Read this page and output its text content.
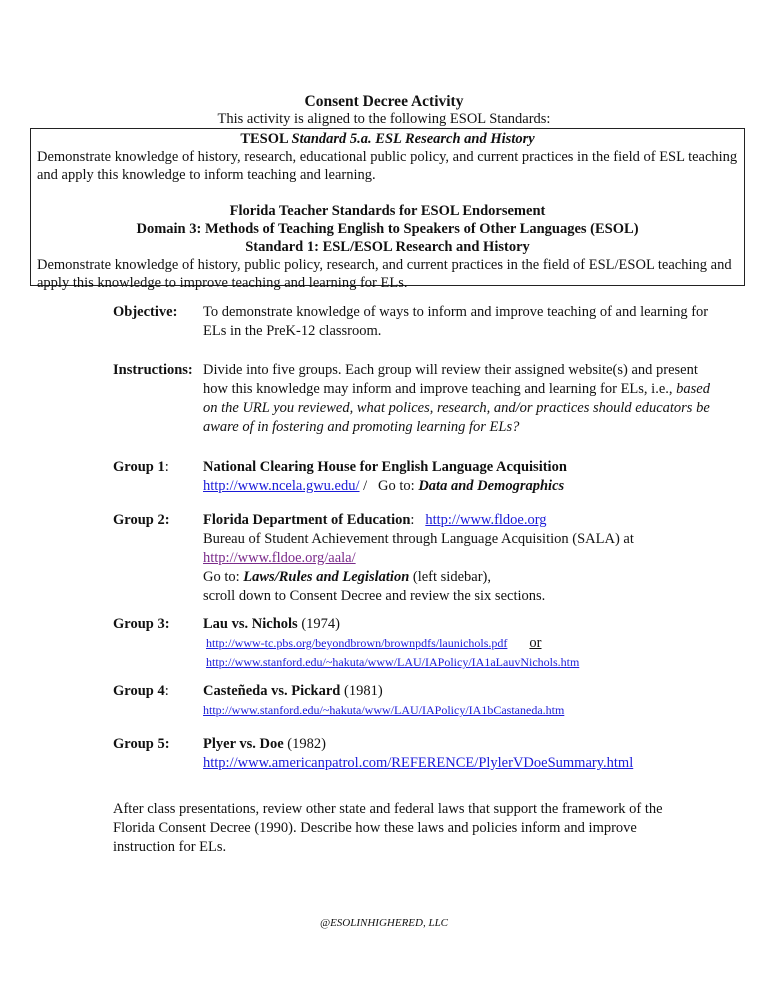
Consent Decree Activity
This activity is aligned to the following ESOL Standards:
TESOL Standard 5.a. ESL Research and History
Demonstrate knowledge of history, research, educational public policy, and current practices in the field of ESL teaching and apply this knowledge to inform teaching and learning.
Florida Teacher Standards for ESOL Endorsement
Domain 3: Methods of Teaching English to Speakers of Other Languages (ESOL)
Standard 1: ESL/ESOL Research and History
Demonstrate knowledge of history, public policy, research, and current practices in the field of ESL/ESOL teaching and apply this knowledge to improve teaching and learning for ELs.
Objective:	To demonstrate knowledge of ways to inform and improve teaching of and learning for ELs in the PreK-12 classroom.
Instructions: Divide into five groups. Each group will review their assigned website(s) and present how this knowledge may inform and improve teaching and learning for ELs, i.e., based on the URL you reviewed, what polices, research, and/or practices should educators be aware of in fostering and promoting learning for ELs?
Group 1:	National Clearing House for English Language Acquisition
http://www.ncela.gwu.edu/ /   Go to: Data and Demographics
Group 2:	Florida Department of Education:   http://www.fldoe.org
Bureau of Student Achievement through Language Acquisition (SALA) at
http://www.fldoe.org/aala/
Go to: Laws/Rules and Legislation (left sidebar),
scroll down to Consent Decree and review the six sections.
Group 3:	Lau vs. Nichols (1974)
http://www-tc.pbs.org/beyondbrown/brownpdfs/launichols.pdf or
http://www.stanford.edu/~hakuta/www/LAU/IAPolicy/IA1aLauvNichols.htm
Group 4:	Casteñeda vs. Pickard (1981)
http://www.stanford.edu/~hakuta/www/LAU/IAPolicy/IA1bCastaneda.htm
Group 5:	Plyer vs. Doe (1982)
http://www.americanpatrol.com/REFERENCE/PlylerVDoeSummary.html
After class presentations, review other state and federal laws that support the framework of the Florida Consent Decree (1990). Describe how these laws and policies inform and improve instruction for ELs.
@ESOLINHIGHERED, LLC
